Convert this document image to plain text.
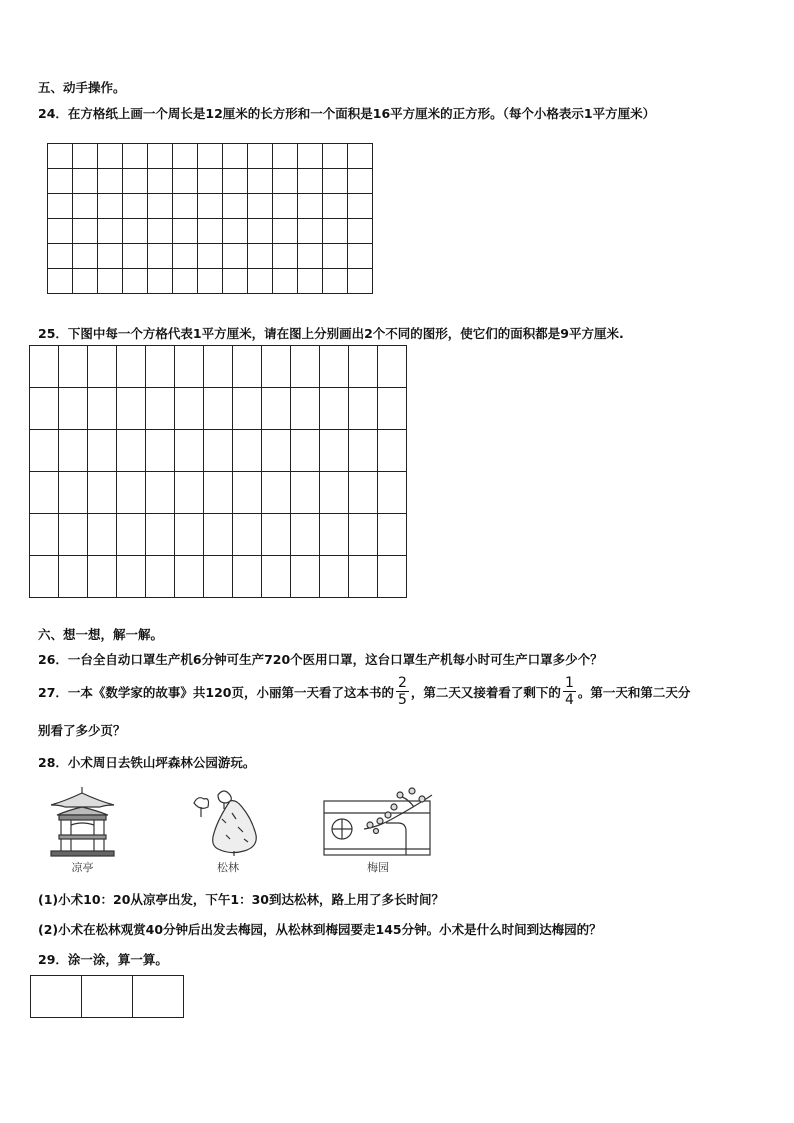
五、动手操作。
24．在方格纸上画一个周长是12厘米的长方形和一个面积是16平方厘米的正方形。（每个小格表示1平方厘米）

25．下图中每一个方格代表1平方厘米，请在图上分别画出2个不同的图形，使它们的面积都是9平方厘米.

六、想一想，解一解。
26．一台全自动口罩生产机6分钟可生产720个医用口罩，这台口罩生产机每小时可生产口罩多少个？
27．一本《数学家的故事》共120页，小丽第一天看了这本书的 $\frac{2}{5}$ ，第二天又接着看了剩下的 $\frac{1}{4}$ 。第一天和第二天分
别看了多少页？
28．小术周日去铁山坪森林公园游玩。
凉亭	松林	梅园
(1)小术10：20从凉亭出发，下午1：30到达松林，路上用了多长时间？
(2)小术在松林观赏40分钟后出发去梅园，从松林到梅园要走145分钟。小术是什么时间到达梅园的？
29．涂一涂，算一算。
